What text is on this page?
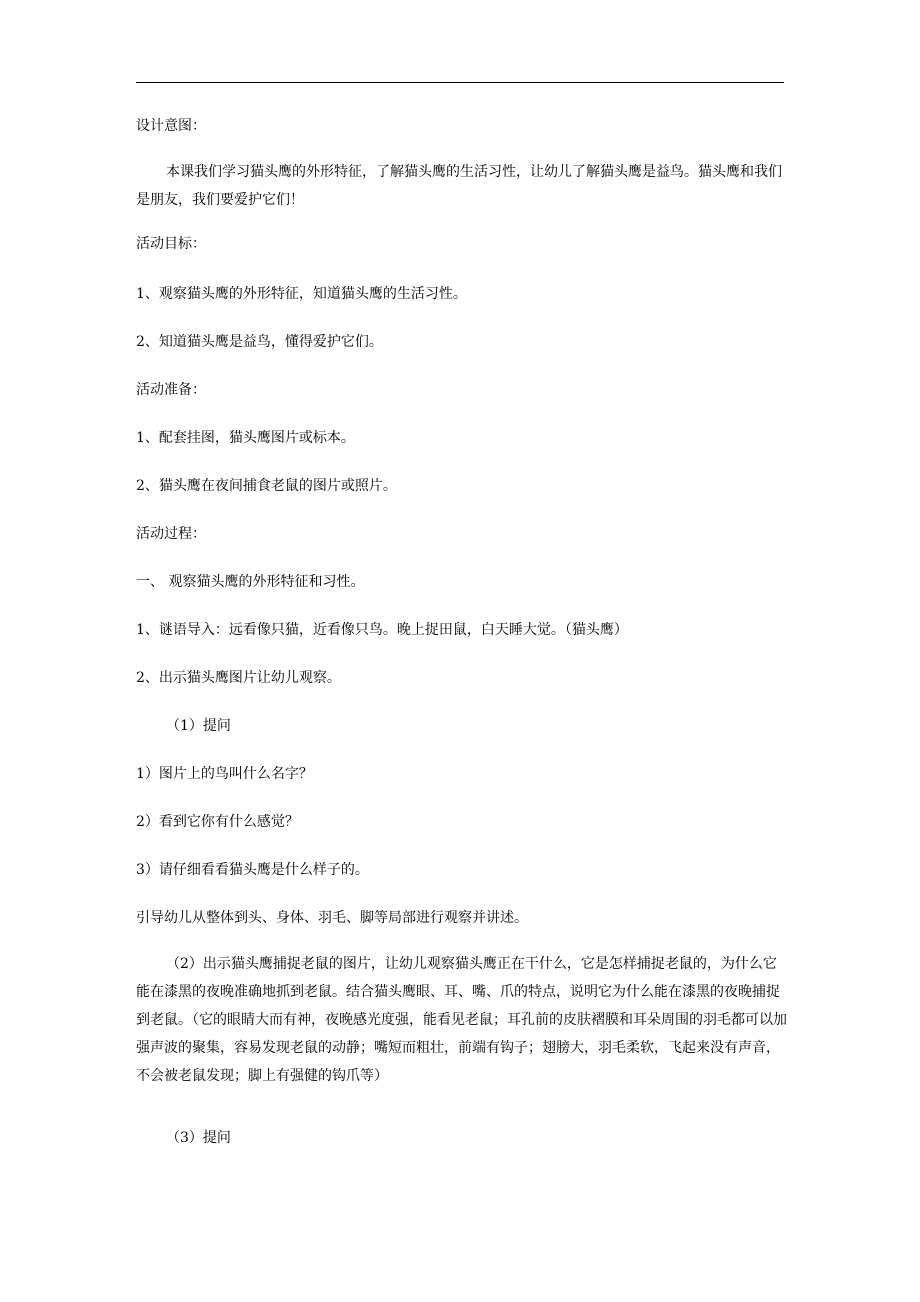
设计意图：
本课我们学习猫头鹰的外形特征，了解猫头鹰的生活习性，让幼儿了解猫头鹰是益鸟。猫头鹰和我们是朋友，我们要爱护它们！
活动目标：
1、观察猫头鹰的外形特征，知道猫头鹰的生活习性。
2、知道猫头鹰是益鸟，懂得爱护它们。
活动准备：
1、配套挂图，猫头鹰图片或标本。
2、猫头鹰在夜间捕食老鼠的图片或照片。
活动过程：
一、 观察猫头鹰的外形特征和习性。
1、谜语导入：远看像只猫，近看像只鸟。晚上捉田鼠，白天睡大觉。（猫头鹰）
2、出示猫头鹰图片让幼儿观察。
（1）提问
1）图片上的鸟叫什么名字？
2）看到它你有什么感觉？
3）请仔细看看猫头鹰是什么样子的。
引导幼儿从整体到头、身体、羽毛、脚等局部进行观察并讲述。
（2）出示猫头鹰捕捉老鼠的图片，让幼儿观察猫头鹰正在干什么，它是怎样捕捉老鼠的，为什么它能在漆黑的夜晚准确地抓到老鼠。结合猫头鹰眼、耳、嘴、爪的特点，说明它为什么能在漆黑的夜晚捕捉到老鼠。（它的眼睛大而有神，夜晚感光度强，能看见老鼠；耳孔前的皮肤褶膜和耳朵周围的羽毛都可以加强声波的聚集，容易发现老鼠的动静；嘴短而粗壮，前端有钩子；翅膀大，羽毛柔软，飞起来没有声音，不会被老鼠发现；脚上有强健的钩爪等）
（3）提问
